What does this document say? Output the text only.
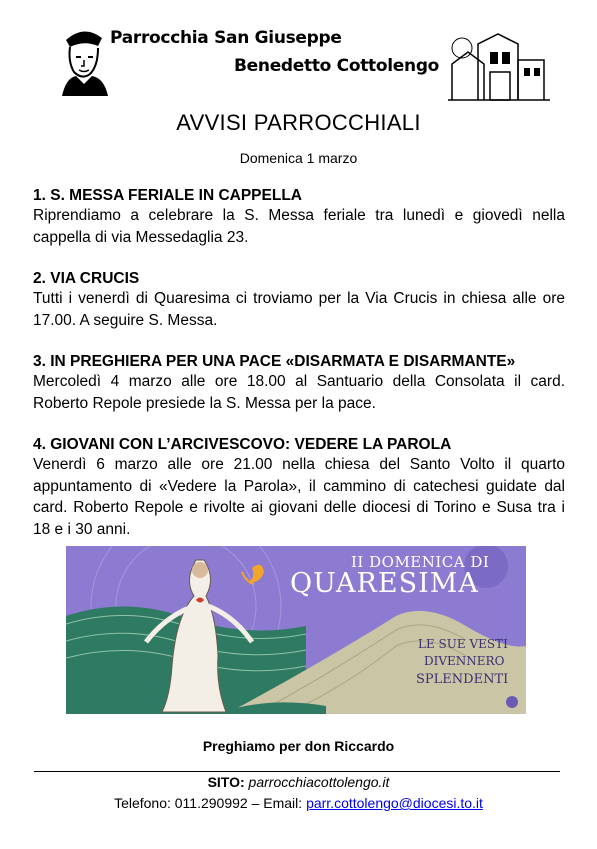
Parrocchia San Giuseppe
Benedetto Cottolengo
AVVISI PARROCCHIALI
Domenica 1 marzo
1. S. MESSA FERIALE IN CAPPELLA

Riprendiamo a celebrare la S. Messa feriale tra lunedì e giovedì nella cappella di via Messedaglia 23.

2. VIA CRUCIS

Tutti i venerdì di Quaresima ci troviamo per la Via Crucis in chiesa alle ore 17.00. A seguire S. Messa.

3. IN PREGHIERA PER UNA PACE «DISARMATA E DISARMANTE»

Mercoledì 4 marzo alle ore 18.00 al Santuario della Consolata il card. Roberto Repole presiede la S. Messa per la pace.

4. GIOVANI CON L’ARCIVESCOVO: VEDERE LA PAROLA

Venerdì 6 marzo alle ore 21.00 nella chiesa del Santo Volto il quarto appuntamento di «Vedere la Parola», il cammino di catechesi guidate dal card. Roberto Repole e rivolte ai giovani delle diocesi di Torino e Susa tra i 18 e i 30 anni.

II DOMENICA DI
QUARESIMA
LE SUE VESTI
DIVENNERO
SPLENDENTI
Preghiamo per don Riccardo
SITO: parrocchiacottolengo.it
Telefono: 011.290992 – Email: parr.cottolengo@diocesi.to.it
